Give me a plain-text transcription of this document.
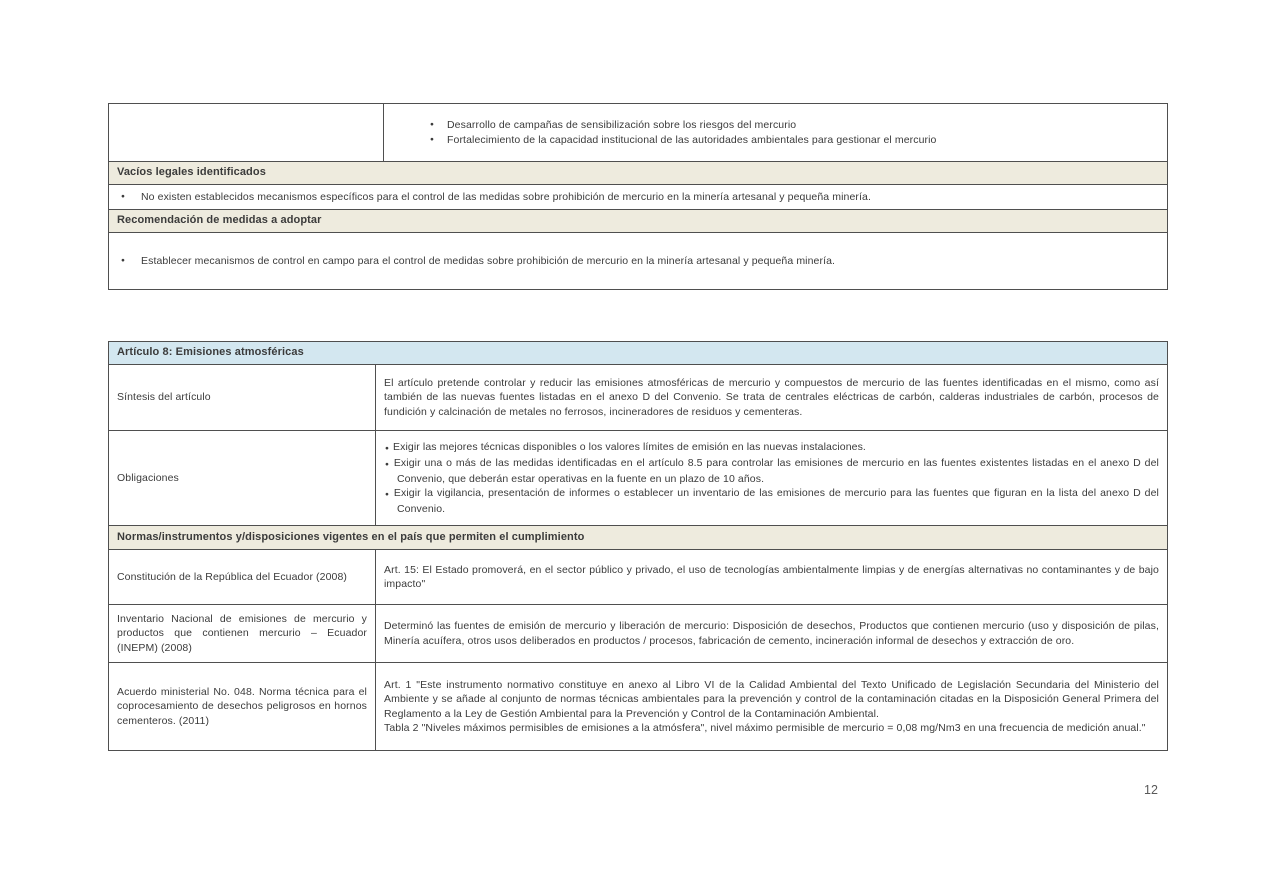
●	Desarrollo de campañas de sensibilización sobre los riesgos del mercurio
●	Fortalecimiento de la capacidad institucional de las autoridades ambientales para gestionar el mercurio

Vacíos legales identificados

●	No existen establecidos mecanismos específicos para el control de las medidas sobre prohibición de mercurio en la minería artesanal y pequeña minería.

Recomendación de medidas a adoptar

●	Establecer mecanismos de control en campo para el control de medidas sobre prohibición de mercurio en la minería artesanal y pequeña minería.
Artículo 8: Emisiones atmosféricas	
Síntesis del artículo	El artículo pretende controlar y reducir las emisiones atmosféricas de mercurio y compuestos de mercurio de las fuentes identificadas en el mismo, como así también de las nuevas fuentes listadas en el anexo D del Convenio. Se trata de centrales eléctricas de carbón, calderas industriales de carbón, procesos de fundición y calcinación de metales no ferrosos, incineradores de residuos y cementeras.
Obligaciones	● Exigir las mejores técnicas disponibles o los valores límites de emisión en las nuevas instalaciones.
● Exigir una o más de las medidas identificadas en el artículo 8.5 para controlar las emisiones de mercurio en las fuentes existentes listadas en el anexo D del Convenio, que deberán estar operativas en la fuente en un plazo de 10 años.
● Exigir la vigilancia, presentación de informes o establecer un inventario de las emisiones de mercurio para las fuentes que figuran en la lista del anexo D del Convenio.

Normas/instrumentos y/disposiciones vigentes en el país que permiten el cumplimiento	
Constitución de la República del Ecuador (2008)	Art. 15: El Estado promoverá, en el sector público y privado, el uso de tecnologías ambientalmente limpias y de energías alternativas no contaminantes y de bajo impacto"

Inventario Nacional de emisiones de mercurio y productos que contienen mercurio – Ecuador (INEPM) (2008)	Determinó las fuentes de emisión de mercurio y liberación de mercurio: Disposición de desechos, Productos que contienen mercurio (uso y disposición de pilas, Minería acuífera, otros usos deliberados en productos / procesos, fabricación de cemento, incineración informal de desechos y extracción de oro.

Acuerdo ministerial No. 048. Norma técnica para el coprocesamiento de desechos peligrosos en hornos cementeros. (2011)	Art. 1 "Este instrumento normativo constituye en anexo al Libro VI de la Calidad Ambiental del Texto Unificado de Legislación Secundaria del Ministerio del Ambiente y se añade al conjunto de normas técnicas ambientales para la prevención y control de la contaminación citadas en la Disposición General Primera del Reglamento a la Ley de Gestión Ambiental para la Prevención y Control de la Contaminación Ambiental.

Tabla 2 "Niveles máximos permisibles de emisiones a la atmósfera", nivel máximo permisible de mercurio = 0,08 mg/Nm3 en una frecuencia de medición anual."

12
